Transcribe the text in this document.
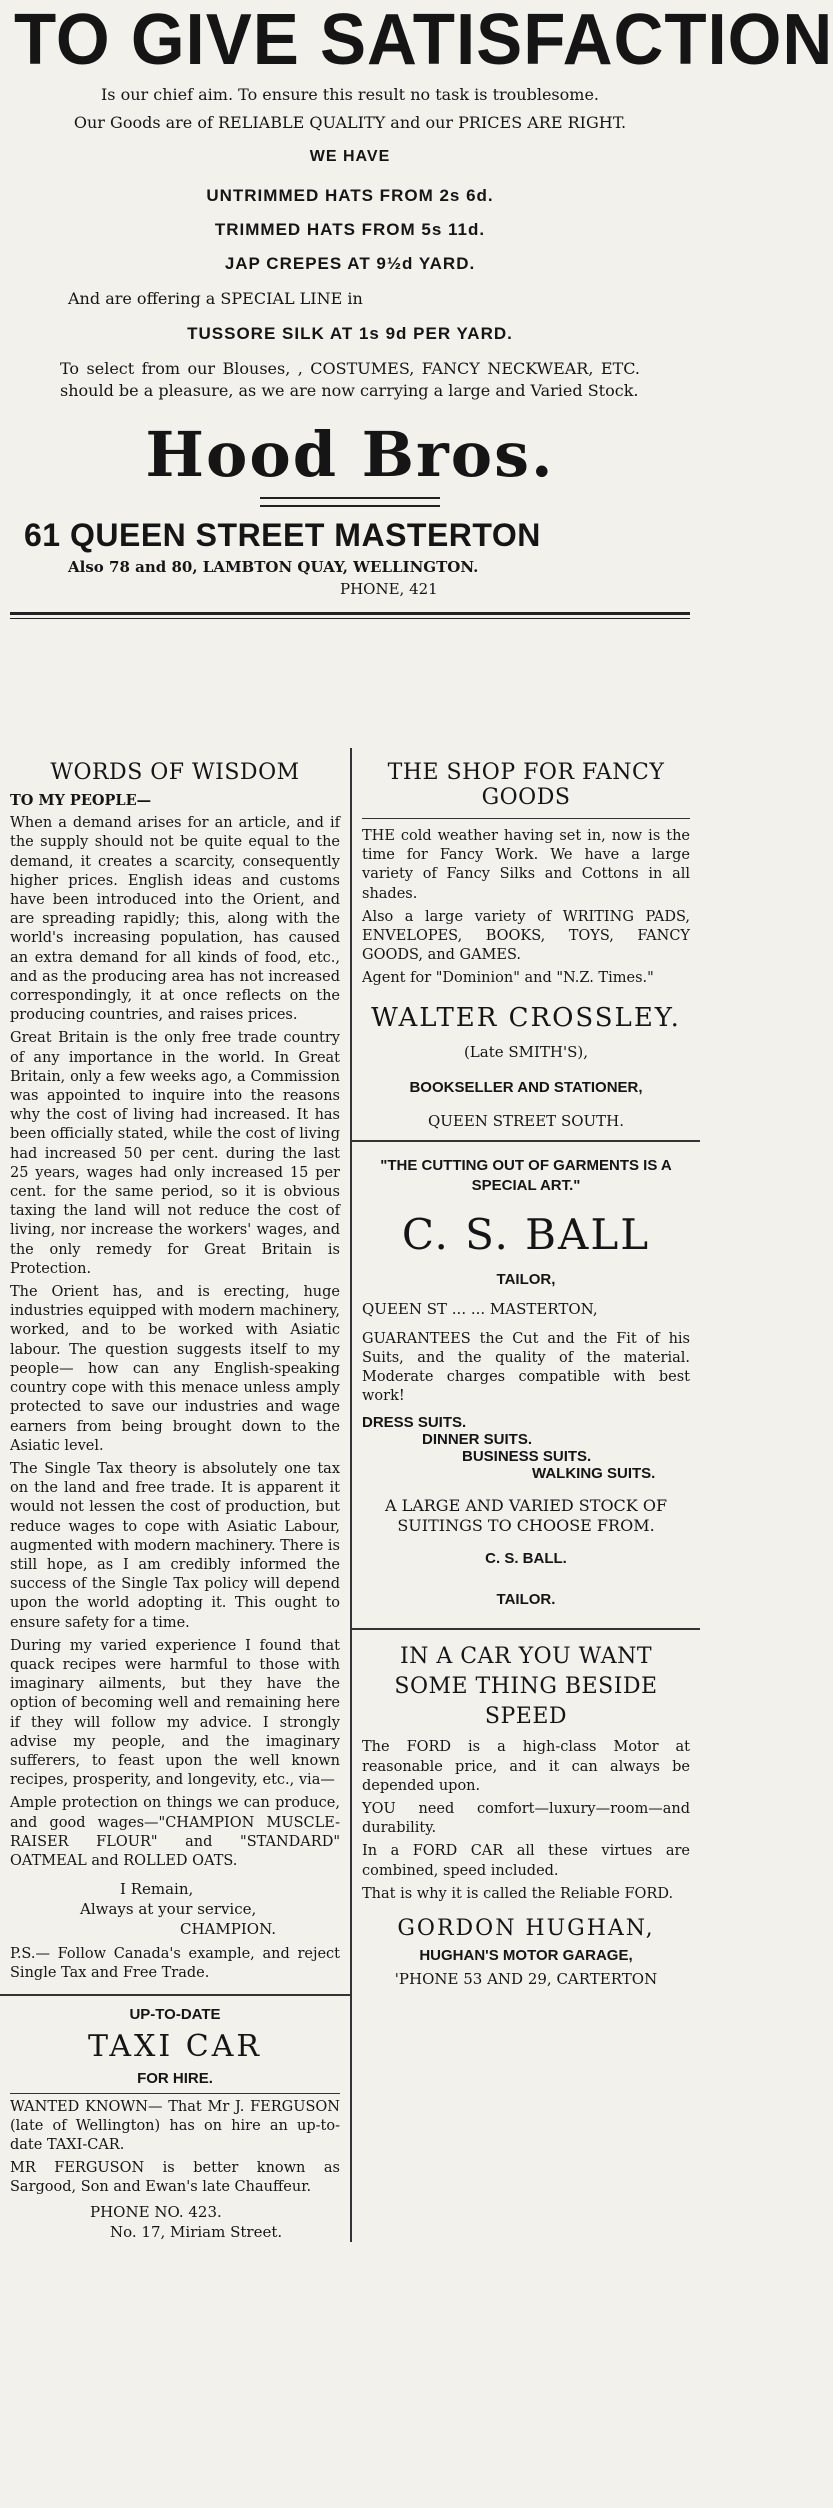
TO GIVE SATISFACTION
Is our chief aim. To ensure this result no task is troublesome.
Our Goods are of RELIABLE QUALITY and our PRICES ARE RIGHT.
WE HAVE
UNTRIMMED HATS FROM 2s 6d.
TRIMMED HATS FROM 5s 11d.
JAP CREPES AT 9½d YARD.
And are offering a SPECIAL LINE in
TUSSORE SILK AT 1s 9d PER YARD.
To select from our Blouses, , COSTUMES, FANCY NECKWEAR, ETC. should be a pleasure, as we are now carrying a large and Varied Stock.
Hood Bros.
61 QUEEN STREET MASTERTON
Also 78 and 80, LAMBTON QUAY, WELLINGTON.
PHONE, 421
WORDS OF WISDOM
TO MY PEOPLE—

When a demand arises for an article, and if the supply should not be quite equal to the demand, it creates a scarcity, consequently higher prices. English ideas and customs have been introduced into the Orient, and are spreading rapidly; this, along with the world's increasing population, has caused an extra demand for all kinds of food, etc., and as the producing area has not increased correspondingly, it at once reflects on the producing countries, and raises prices.

Great Britain is the only free trade country of any importance in the world. In Great Britain, only a few weeks ago, a Commission was appointed to inquire into the reasons why the cost of living had increased. It has been officially stated, while the cost of living had increased 50 per cent. during the last 25 years, wages had only increased 15 per cent. for the same period, so it is obvious taxing the land will not reduce the cost of living, nor increase the workers' wages, and the only remedy for Great Britain is Protection.

The Orient has, and is erecting, huge industries equipped with modern machinery, worked, and to be worked with Asiatic labour. The question suggests itself to my people— how can any English-speaking country cope with this menace unless amply protected to save our industries and wage earners from being brought down to the Asiatic level.

The Single Tax theory is absolutely one tax on the land and free trade. It is apparent it would not lessen the cost of production, but reduce wages to cope with Asiatic Labour, augmented with modern machinery. There is still hope, as I am credibly informed the success of the Single Tax policy will depend upon the world adopting it. This ought to ensure safety for a time.

During my varied experience I found that quack recipes were harmful to those with imaginary ailments, but they have the option of becoming well and remaining here if they will follow my advice. I strongly advise my people, and the imaginary sufferers, to feast upon the well known recipes, prosperity, and longevity, etc., via—

Ample protection on things we can produce, and good wages—"CHAMPION MUSCLE-RAISER FLOUR" and "STANDARD" OATMEAL and ROLLED OATS.

I Remain,
Always at your service,
CHAMPION.

P.S.— Follow Canada's example, and reject Single Tax and Free Trade.

UP-TO-DATE
TAXI CAR
FOR HIRE.

WANTED KNOWN— That Mr J. FERGUSON (late of Wellington) has on hire an up-to-date TAXI-CAR.

MR FERGUSON is better known as Sargood, Son and Ewan's late Chauffeur.

PHONE NO. 423.
No. 17, Miriam Street.
THE SHOP FOR FANCY GOODS

THE cold weather having set in, now is the time for Fancy Work. We have a large variety of Fancy Silks and Cottons in all shades.

Also a large variety of WRITING PADS, ENVELOPES, BOOKS, TOYS, FANCY GOODS, and GAMES.

Agent for "Dominion" and "N.Z. Times."

WALTER CROSSLEY.
(Late SMITH'S),
BOOKSELLER AND STATIONER,
QUEEN STREET SOUTH.
"THE CUTTING OUT OF GARMENTS IS A SPECIAL ART."
C. S. BALL
TAILOR,
QUEEN ST ... ... MASTERTON,

GUARANTEES the Cut and the Fit of his Suits, and the quality of the material. Moderate charges compatible with best work!

DRESS SUITS.
DINNER SUITS.
BUSINESS SUITS.
WALKING SUITS.
A LARGE AND VARIED STOCK OF SUITINGS TO CHOOSE FROM.
C. S. BALL.
TAILOR.
IN A CAR YOU WANT SOME THING BESIDE SPEED

The FORD is a high-class Motor at reasonable price, and it can always be depended upon.

YOU need comfort—luxury—room—and durability.

In a FORD CAR all these virtues are combined, speed included.

That is why it is called the Reliable FORD.

GORDON HUGHAN,
HUGHAN'S MOTOR GARAGE,
'PHONE 53 AND 29, CARTERTON
